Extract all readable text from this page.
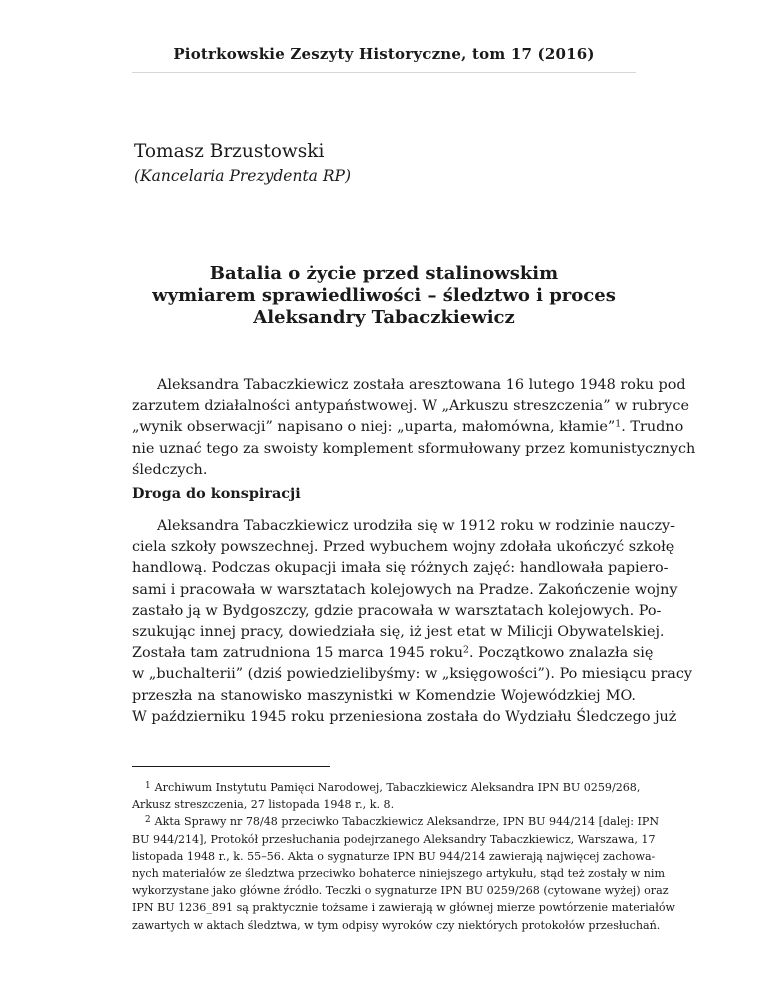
Piotrkowskie Zeszyty Historyczne, tom 17 (2016)
Tomasz Brzustowski
(Kancelaria Prezydenta RP)
Batalia o życie przed stalinowskim
wymiarem sprawiedliwości – śledztwo i proces
Aleksandry Tabaczkiewicz
Aleksandra Tabaczkiewicz została aresztowana 16 lutego 1948 roku pod
zarzutem działalności antypaństwowej. W „Arkuszu streszczenia” w rubryce
„wynik obserwacji” napisano o niej: „uparta, małomówna, kłamie”$^1$. Trudno
nie uznać tego za swoisty komplement sformułowany przez komunistycznych
śledczych.
Droga do konspiracji
Aleksandra Tabaczkiewicz urodziła się w 1912 roku w rodzinie nauczy-
ciela szkoły powszechnej. Przed wybuchem wojny zdołała ukończyć szkołę
handlową. Podczas okupacji imała się różnych zajęć: handlowała papiero-
sami i pracowała w warsztatach kolejowych na Pradze. Zakończenie wojny
zastało ją w Bydgoszczy, gdzie pracowała w warsztatach kolejowych. Po-
szukując innej pracy, dowiedziała się, iż jest etat w Milicji Obywatelskiej.
Została tam zatrudniona 15 marca 1945 roku$^2$. Początkowo znalazła się
w „buchalterii” (dziś powiedzielibyśmy: w „księgowości”). Po miesiącu pracy
przeszła na stanowisko maszynistki w Komendzie Wojewódzkiej MO.
W październiku 1945 roku przeniesiona została do Wydziału Śledczego już
$^1$ Archiwum Instytutu Pamięci Narodowej, Tabaczkiewicz Aleksandra IPN BU 0259/268,
Arkusz streszczenia, 27 listopada 1948 r., k. 8.
$^2$ Akta Sprawy nr 78/48 przeciwko Tabaczkiewicz Aleksandrze, IPN BU 944/214 [dalej: IPN
BU 944/214], Protokół przesłuchania podejrzanego Aleksandry Tabaczkiewicz, Warszawa, 17
listopada 1948 r., k. 55–56. Akta o sygnaturze IPN BU 944/214 zawierają najwięcej zachowa-
nych materiałów ze śledztwa przeciwko bohaterce niniejszego artykułu, stąd też zostały w nim
wykorzystane jako główne źródło. Teczki o sygnaturze IPN BU 0259/268 (cytowane wyżej) oraz
IPN BU 1236_891 są praktycznie tożsame i zawierają w głównej mierze powtórzenie materiałów
zawartych w aktach śledztwa, w tym odpisy wyroków czy niektórych protokołów przesłuchań.
